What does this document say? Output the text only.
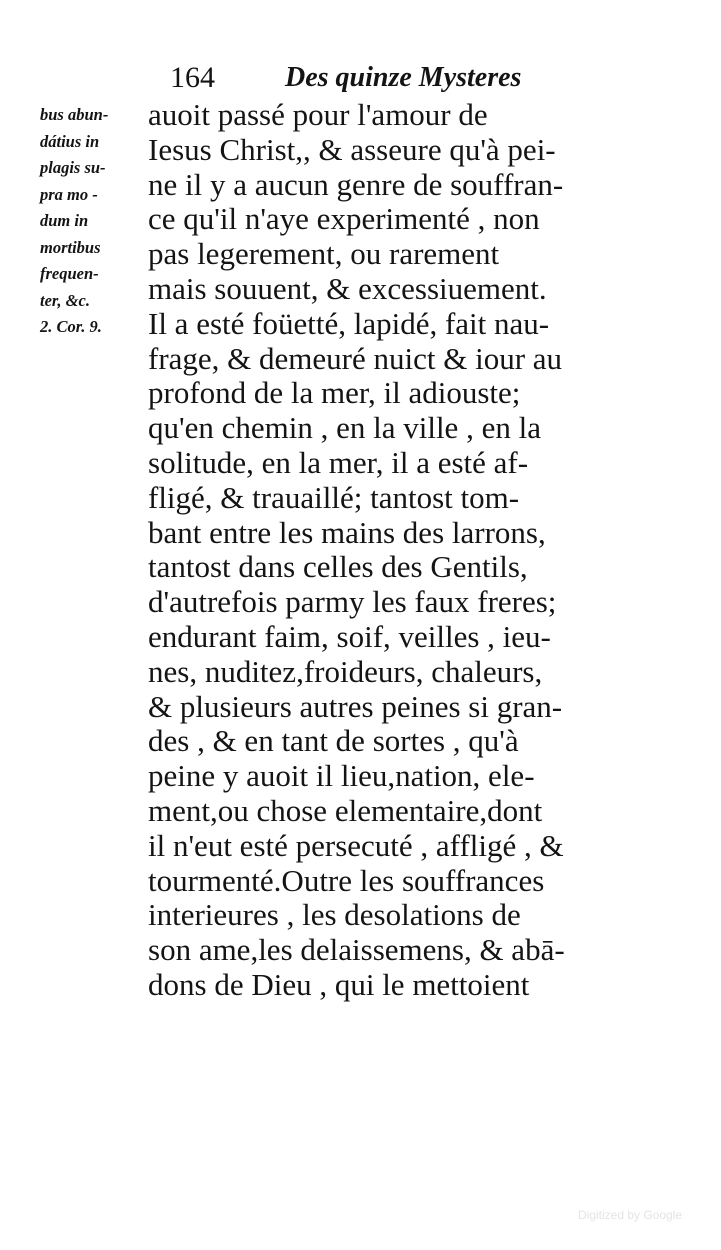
164	Des quinze Mysteres
bus abun-
dátius in
plagis su-
pra mo -
dum in
mortibus
frequen-
ter, &c.
2. Cor. 9.
auoit passé pour l'amour de
Iesus Christ,, & asseure qu'à pei-
ne il y a aucun genre de souffran-
ce qu'il n'aye experimenté , non
pas legerement, ou rarement
mais souuent, & excessiuement.
Il a esté foüetté, lapidé, fait nau-
frage, & demeuré nuict & iour au
profond de la mer, il adiouste;
qu'en chemin , en la ville , en la
solitude, en la mer, il a esté af-
fligé, & trauaillé; tantost tom-
bant entre les mains des larrons,
tantost dans celles des Gentils,
d'autrefois parmy les faux freres;
endurant faim, soif, veilles , ieu-
nes, nuditez,froideurs, chaleurs,
& plusieurs autres peines si gran-
des , & en tant de sortes , qu'à
peine y auoit il lieu,nation, ele-
ment,ou chose elementaire,dont
il n'eut esté persecuté , affligé , &
tourmenté.Outre les souffrances
interieures , les desolations de
son ame,les delaissemens, & abā-
dons de Dieu , qui le mettoient
Digitized by Google
